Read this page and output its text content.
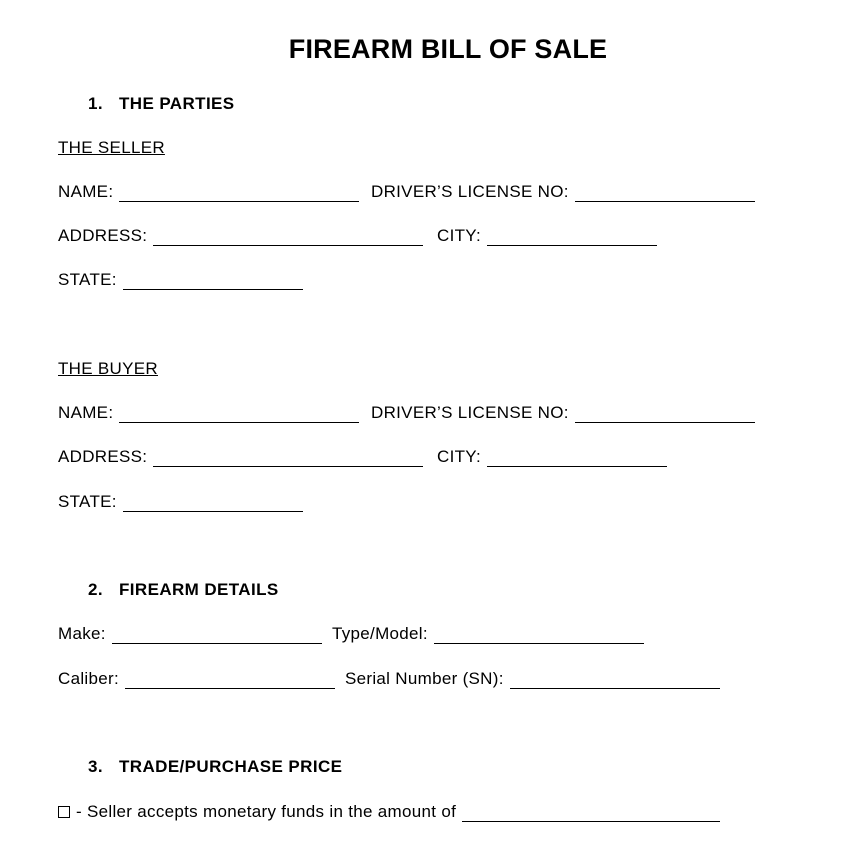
FIREARM BILL OF SALE
1. THE PARTIES
THE SELLER
NAME:	DRIVER’S LICENSE NO:
ADDRESS:	CITY:
STATE:
THE BUYER
NAME:	DRIVER’S LICENSE NO:
ADDRESS:	CITY:
STATE:
2. FIREARM DETAILS
Make:	Type/Model:
Caliber:	Serial Number (SN):
3. TRADE/PURCHASE PRICE
- Seller accepts monetary funds in the amount of
